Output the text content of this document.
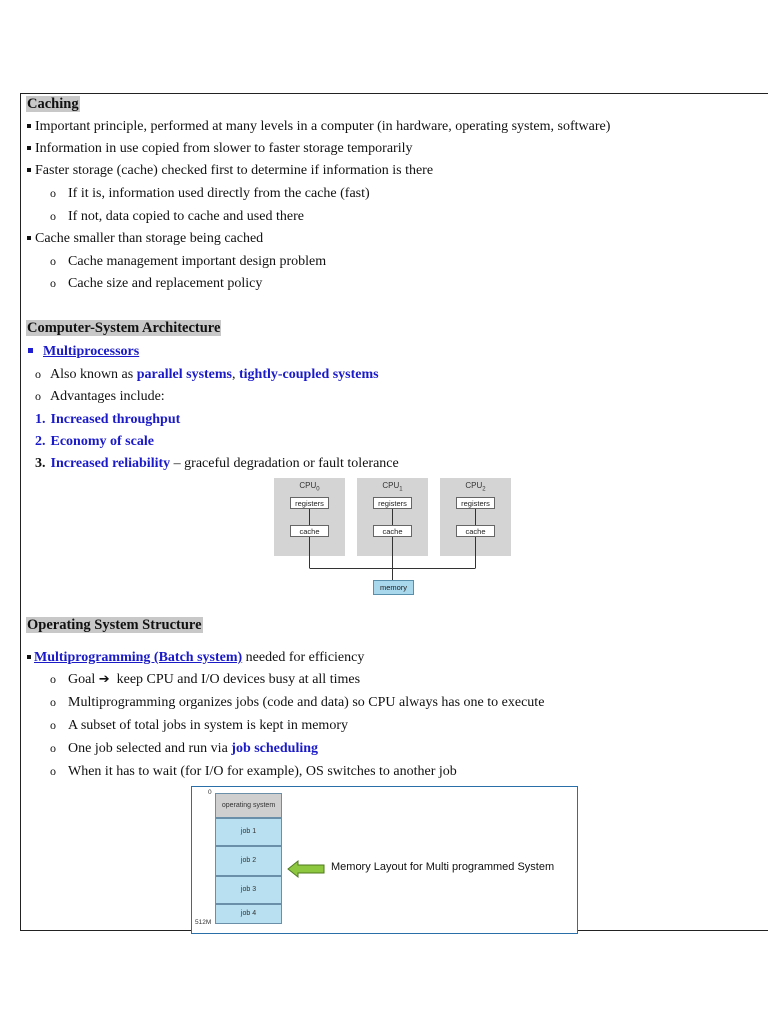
Caching
Important principle, performed at many levels in a computer (in hardware, operating system, software)
Information in use copied from slower to faster storage temporarily
Faster storage (cache) checked first to determine if information is there
o If it is, information used directly from the cache (fast)
o If not, data copied to cache and used there
Cache smaller than storage being cached
o Cache management important design problem
o Cache size and replacement policy
Computer-System Architecture
Multiprocessors
o Also known as parallel systems, tightly-coupled systems
o Advantages include:
1. Increased throughput
2. Economy of scale
3. Increased reliability – graceful degradation or fault tolerance
$CPU_0$
registers
cache
$CPU_1$
registers
cache
$CPU_2$
registers
cache
memory
Operating System Structure
Multiprogramming (Batch system) needed for efficiency
o Goal ➔  keep CPU and I/O devices busy at all times
o Multiprogramming organizes jobs (code and data) so CPU always has one to execute
o A subset of total jobs in system is kept in memory
o One job selected and run via job scheduling
o When it has to wait (for I/O for example), OS switches to another job
0
512M
operating system
job 1
job 2
job 3
job 4
Memory Layout for Multi programmed System
